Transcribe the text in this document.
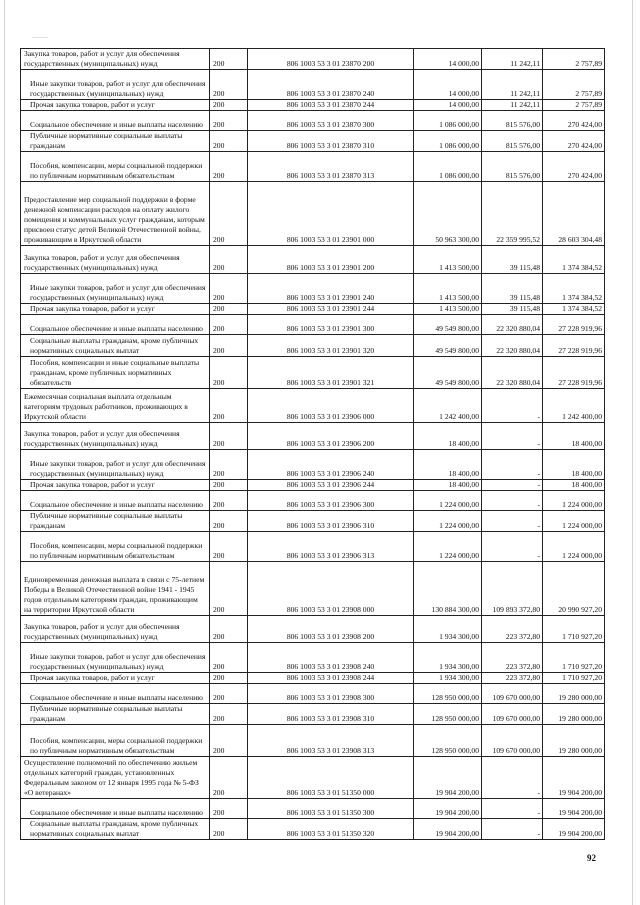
‾‾‾‾‾‾
Закупка товаров, работ и услуг для обеспечения государственных (муниципальных) нужд	200	806 1003 53 3 01 23870 200	14 000,00	11 242,11	2 757,89
Иные закупки товаров, работ и услуг для обеспечения государственных (муниципальных) нужд	200	806 1003 53 3 01 23870 240	14 000,00	11 242,11	2 757,89
Прочая закупка товаров, работ и услуг	200	806 1003 53 3 01 23870 244	14 000,00	11 242,11	2 757,89
Социальное обеспечение и иные выплаты населению	200	806 1003 53 3 01 23870 300	1 086 000,00	815 576,00	270 424,00
Публичные нормативные социальные выплаты гражданам	200	806 1003 53 3 01 23870 310	1 086 000,00	815 576,00	270 424,00
Пособия, компенсации, меры социальной поддержки по публичным нормативным обязательствам	200	806 1003 53 3 01 23870 313	1 086 000,00	815 576,00	270 424,00
Предоставление мер социальной поддержки в форме денежной компенсации расходов на оплату жилого помещения и коммунальных услуг гражданам, которым присвоен статус детей Великой Отечественной войны, проживающим в Иркутской области	200	806 1003 53 3 01 23901 000	50 963 300,00	22 359 995,52	28 603 304,48
Закупка товаров, работ и услуг для обеспечения государственных (муниципальных) нужд	200	806 1003 53 3 01 23901 200	1 413 500,00	39 115,48	1 374 384,52
Иные закупки товаров, работ и услуг для обеспечения государственных (муниципальных) нужд	200	806 1003 53 3 01 23901 240	1 413 500,00	39 115,48	1 374 384,52
Прочая закупка товаров, работ и услуг	200	806 1003 53 3 01 23901 244	1 413 500,00	39 115,48	1 374 384,52
Социальное обеспечение и иные выплаты населению	200	806 1003 53 3 01 23901 300	49 549 800,00	22 320 880,04	27 228 919,96
Социальные выплаты гражданам, кроме публичных нормативных социальных выплат	200	806 1003 53 3 01 23901 320	49 549 800,00	22 320 880,04	27 228 919,96
Пособия, компенсации и иные социальные выплаты гражданам, кроме публичных нормативных обязательств	200	806 1003 53 3 01 23901 321	49 549 800,00	22 320 880,04	27 228 919,96
Ежемесячная социальная выплата отдельным категориям трудовых работников, проживающих в Иркутской области	200	806 1003 53 3 01 23906 000	1 242 400,00	-	1 242 400,00
Закупка товаров, работ и услуг для обеспечения государственных (муниципальных) нужд	200	806 1003 53 3 01 23906 200	18 400,00	-	18 400,00
Иные закупки товаров, работ и услуг для обеспечения государственных (муниципальных) нужд	200	806 1003 53 3 01 23906 240	18 400,00	-	18 400,00
Прочая закупка товаров, работ и услуг	200	806 1003 53 3 01 23906 244	18 400,00	-	18 400,00
Социальное обеспечение и иные выплаты населению	200	806 1003 53 3 01 23906 300	1 224 000,00	-	1 224 000,00
Публичные нормативные социальные выплаты гражданам	200	806 1003 53 3 01 23906 310	1 224 000,00	-	1 224 000,00
Пособия, компенсации, меры социальной поддержки по публичным нормативным обязательствам	200	806 1003 53 3 01 23906 313	1 224 000,00	-	1 224 000,00
Единовременная денежная выплата в связи с 75-летием Победы в Великой Отечественной войне 1941 - 1945 годов отдельным категориям граждан, проживающим на территории Иркутской области	200	806 1003 53 3 01 23908 000	130 884 300,00	109 893 372,80	20 990 927,20
Закупка товаров, работ и услуг для обеспечения государственных (муниципальных) нужд	200	806 1003 53 3 01 23908 200	1 934 300,00	223 372,80	1 710 927,20
Иные закупки товаров, работ и услуг для обеспечения государственных (муниципальных) нужд	200	806 1003 53 3 01 23908 240	1 934 300,00	223 372,80	1 710 927,20
Прочая закупка товаров, работ и услуг	200	806 1003 53 3 01 23908 244	1 934 300,00	223 372,80	1 710 927,20
Социальное обеспечение и иные выплаты населению	200	806 1003 53 3 01 23908 300	128 950 000,00	109 670 000,00	19 280 000,00
Публичные нормативные социальные выплаты гражданам	200	806 1003 53 3 01 23908 310	128 950 000,00	109 670 000,00	19 280 000,00
Пособия, компенсации, меры социальной поддержки по публичным нормативным обязательствам	200	806 1003 53 3 01 23908 313	128 950 000,00	109 670 000,00	19 280 000,00
Осуществление полномочий по обеспечению жильем отдельных категорий граждан, установленных Федеральным законом от 12 января 1995 года № 5-ФЗ «О ветеранах»	200	806 1003 53 3 01 51350 000	19 904 200,00	-	19 904 200,00
Социальное обеспечение и иные выплаты населению	200	806 1003 53 3 01 51350 300	19 904 200,00	-	19 904 200,00
Социальные выплаты гражданам, кроме публичных нормативных социальных выплат	200	806 1003 53 3 01 51350 320	19 904 200,00	-	19 904 200,00
92
